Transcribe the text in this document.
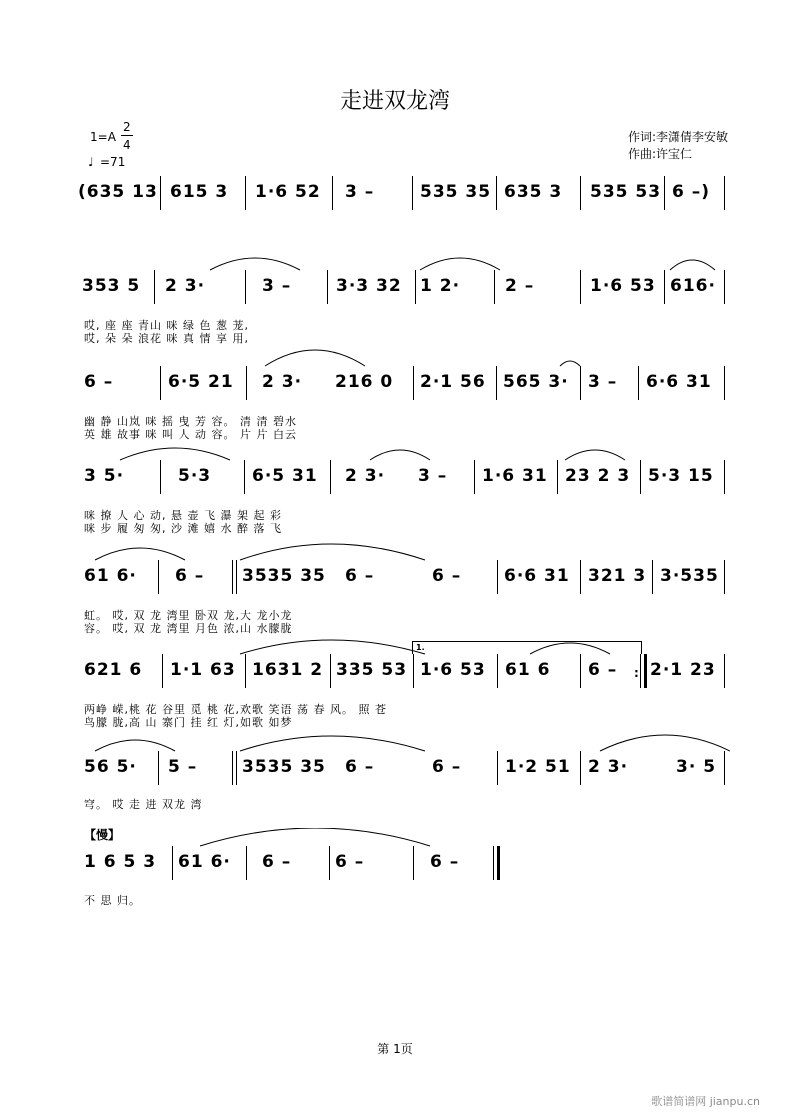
走进双龙湾
1=A
2
4
♩ =71
作词:李潇倩李安敏
作曲:许宝仁
(635 13 615 3 1·6 52 3 –	535 35 635 3 535 53 6 –)
353 5 2 3·	3 –	3·3 32 1 2·	2 –	1·6 53 616·
哎, 座 座 青山 咪 绿 色 葱 茏,
哎, 朵 朵 浪花 咪 真 情 享 用,
6 –	6·5 21 2 3· 216 0 2·1 56 565 3· 3 – 6·6 31
幽 静 山岚 咪 摇 曳 芳 容。 清 清 碧水
英 雄 故事 咪 叫 人 动 容。 片 片 白云
3 5·	5·3 6·5 31 2 3· 3 – 1·6 31 23 2 3 5·3 15
咪 撩 人 心 动, 悬 壶 飞 瀑 架 起 彩
咪 步 履 匆 匆, 沙 滩 嬉 水 醉 落 飞
61 6· 6 – 3535 35 6 –	6 –	6·6 31 321 3 3·535
虹。 哎, 双 龙 湾里 卧双 龙,大 龙小龙
容。 哎, 双 龙 湾里 月色 浓,山 水朦胧
1.
621 6 1·1 63 1631 2 335 53 1·6 53 61 6 6 – : 2·1 23
两峥 嵘,桃 花 谷里 觅 桃 花,欢歌 笑语 荡 春 风。 照 苍
鸟朦 胧,高 山 寨门 挂 红 灯,如歌 如梦
56 5· 5 –	3535 35 6 –	6 –	1·2 51 2 3·	3· 5
穹。 哎 走 进 双龙 湾
【慢】
1 6 5 3 61 6· 6 –	6 –	6 –
不 思 归。
第 1页
歌谱简谱网 jianpu.cn
